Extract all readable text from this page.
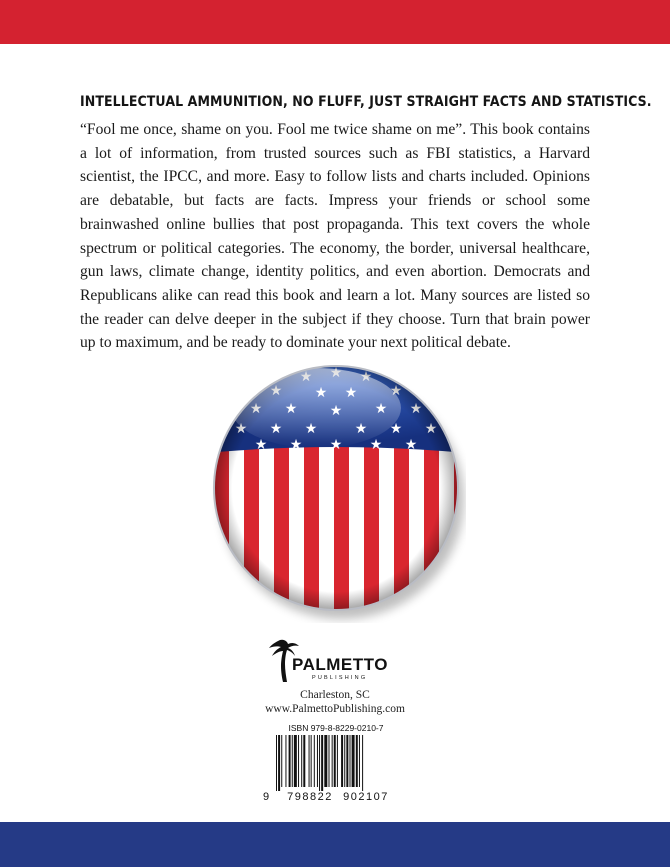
INTELLECTUAL AMMUNITION, NO FLUFF, JUST STRAIGHT FACTS AND STATISTICS.

“Fool me once, shame on you. Fool me twice shame on me”. This book contains a lot of information, from trusted sources such as FBI statistics, a Harvard scientist, the IPCC, and more. Easy to follow lists and charts included. Opinions are debatable, but facts are facts. Impress your friends or school some brainwashed online bullies that post propaganda. This text covers the whole spectrum or political categories. The economy, the border, universal healthcare, gun laws, climate change, identity politics, and even abortion. Democrats and Republicans alike can read this book and learn a lot. Many sources are listed so the reader can delve deeper in the subject if they choose. Turn that brain power up to maximum, and be ready to dominate your next political debate.

PALMETTO
PUBLISHING
Charleston, SC
www.PalmettoPublishing.com
ISBN 979-8-8229-0210-7
9 798822 902107
